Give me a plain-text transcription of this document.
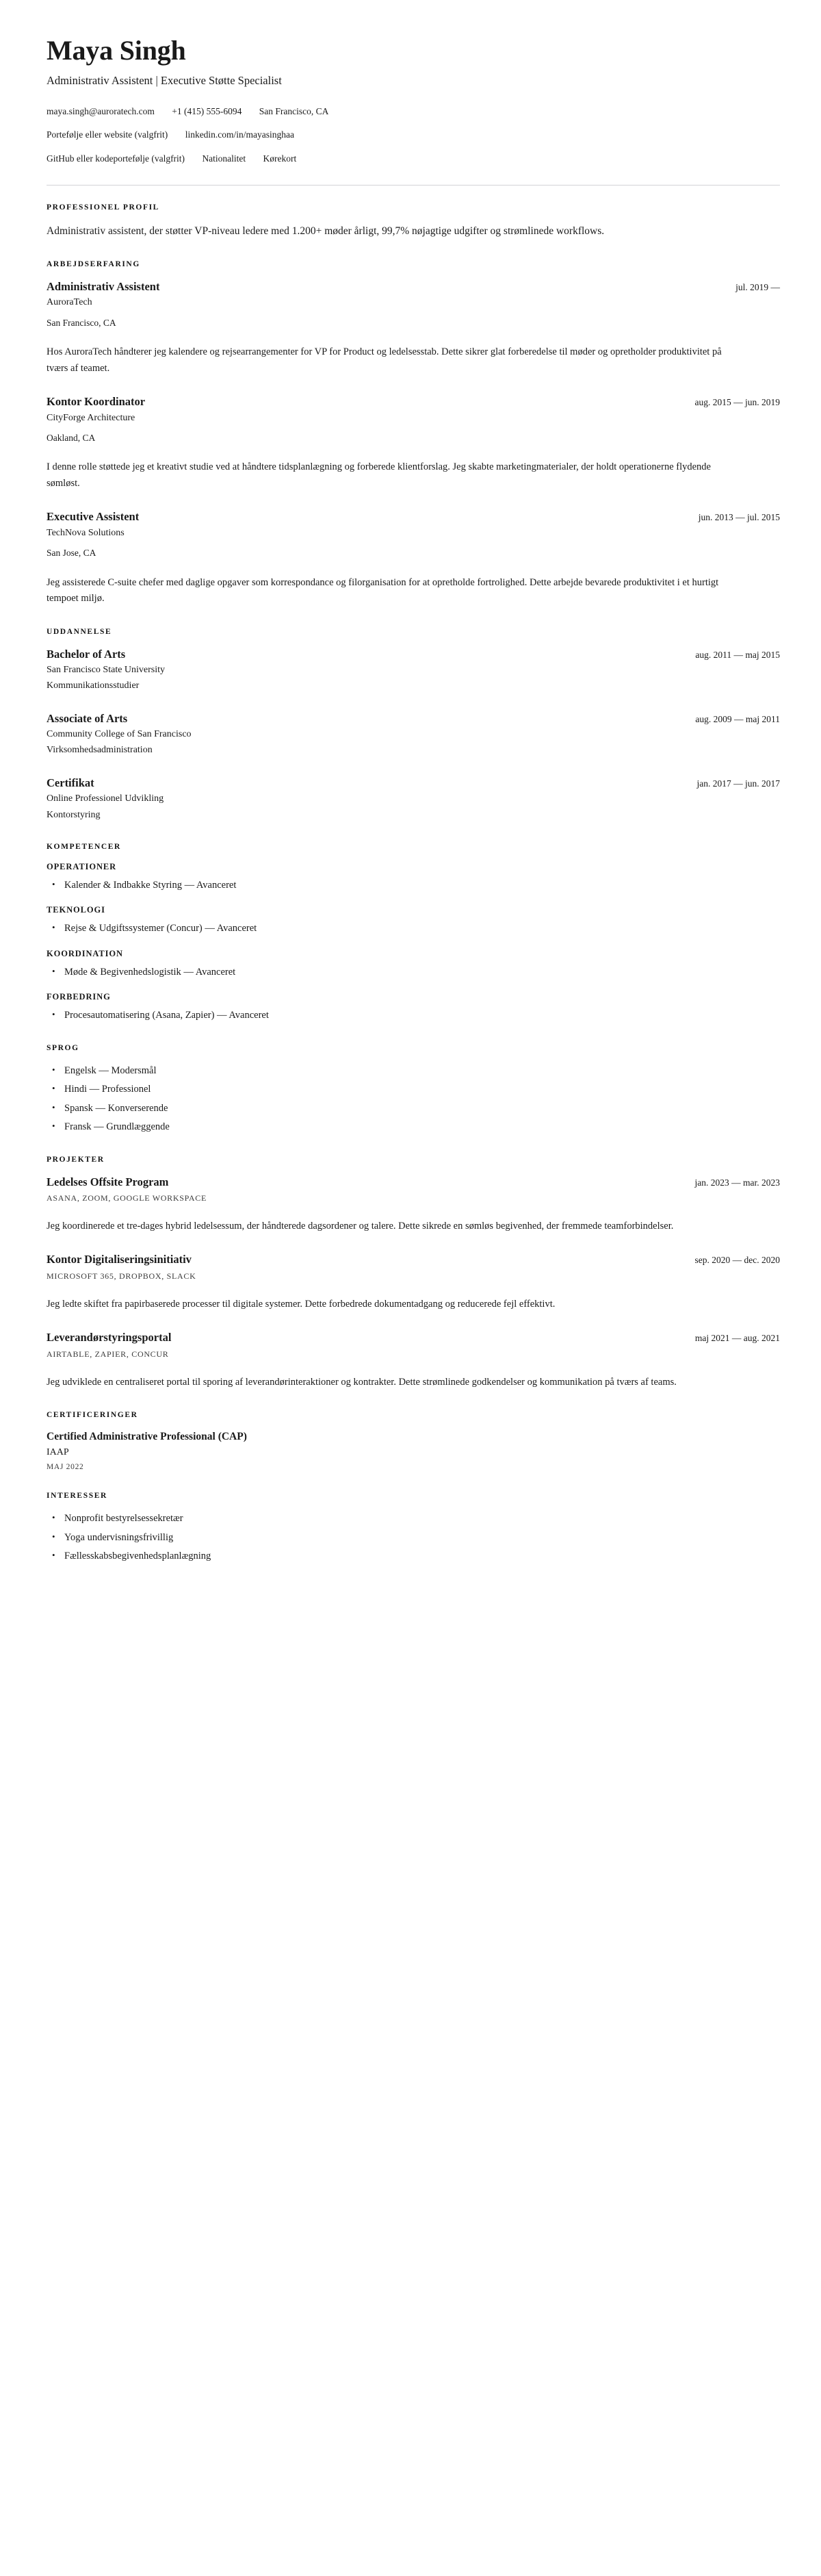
Maya Singh

Administrativ Assistent | Executive Støtte Specialist

maya.singh@auroratech.com +1 (415) 555-6094 San Francisco, CA
Portefølje eller website (valgfrit) linkedin.com/in/mayasinghaa
GitHub eller kodeportefølje (valgfrit) Nationalitet Kørekort
PROFESSIONEL PROFIL

Administrativ assistent, der støtter VP-niveau ledere med 1.200+ møder årligt, 99,7% nøjagtige udgifter og strømlinede workflows.

ARBEJDSERFARING
Administrativ Assistent	jul. 2019 —

AuroraTech

San Francisco, CA

Hos AuroraTech håndterer jeg kalendere og rejsearrangementer for VP for Product og ledelsesstab. Dette sikrer glat forberedelse til møder og opretholder produktivitet på tværs af teamet.

Kontor Koordinator	aug. 2015 — jun. 2019

CityForge Architecture

Oakland, CA

I denne rolle støttede jeg et kreativt studie ved at håndtere tidsplanlægning og forberede klientforslag. Jeg skabte marketingmaterialer, der holdt operationerne flydende sømløst.

Executive Assistent	jun. 2013 — jul. 2015

TechNova Solutions

San Jose, CA

Jeg assisterede C-suite chefer med daglige opgaver som korrespondance og filorganisation for at opretholde fortrolighed. Dette arbejde bevarede produktivitet i et hurtigt tempoet miljø.

UDDANNELSE
Bachelor of Arts	aug. 2011 — maj 2015

San Francisco State University

Kommunikationsstudier

Associate of Arts	aug. 2009 — maj 2011

Community College of San Francisco

Virksomhedsadministration

Certifikat	jan. 2017 — jun. 2017

Online Professionel Udvikling

Kontorstyring

KOMPETENCER
OPERATIONER
• Kalender & Indbakke Styring — Avanceret
TEKNOLOGI
• Rejse & Udgiftssystemer (Concur) — Avanceret
KOORDINATION
• Møde & Begivenhedslogistik — Avanceret
FORBEDRING
• Procesautomatisering (Asana, Zapier) — Avanceret
SPROG
• Engelsk — Modersmål
• Hindi — Professionel
• Spansk — Konverserende
• Fransk — Grundlæggende
PROJEKTER
Ledelses Offsite Program	jan. 2023 — mar. 2023

ASANA, ZOOM, GOOGLE WORKSPACE

Jeg koordinerede et tre-dages hybrid ledelsessum, der håndterede dagsordener og talere. Dette sikrede en sømløs begivenhed, der fremmede teamforbindelser.

Kontor Digitaliseringsinitiativ	sep. 2020 — dec. 2020

MICROSOFT 365, DROPBOX, SLACK

Jeg ledte skiftet fra papirbaserede processer til digitale systemer. Dette forbedrede dokumentadgang og reducerede fejl effektivt.

Leverandørstyringsportal	maj 2021 — aug. 2021

AIRTABLE, ZAPIER, CONCUR

Jeg udviklede en centraliseret portal til sporing af leverandørinteraktioner og kontrakter. Dette strømlinede godkendelser og kommunikation på tværs af teams.

CERTIFICERINGER
Certified Administrative Professional (CAP)

IAAP

MAJ 2022

INTERESSER
• Nonprofit bestyrelsessekretær
• Yoga undervisningsfrivillig
• Fællesskabsbegivenhedsplanlægning
